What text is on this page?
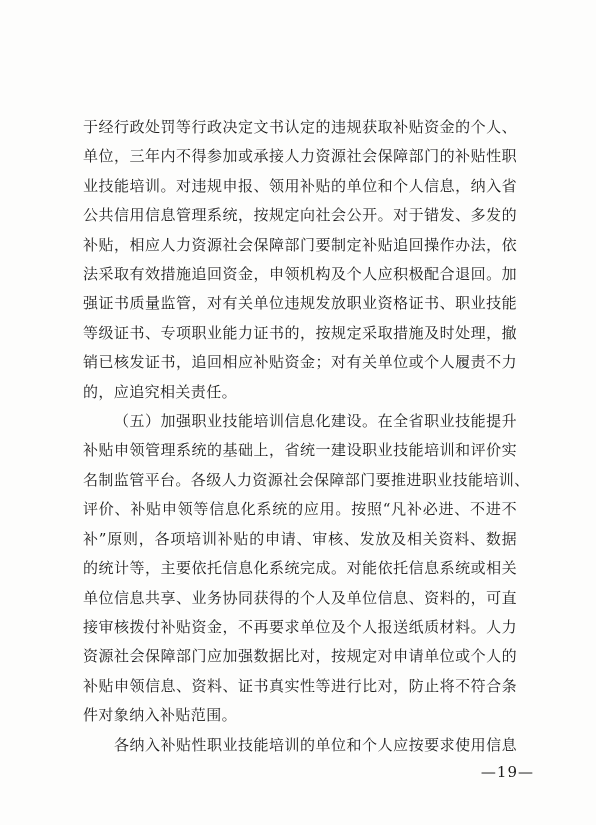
于经行政处罚等行政决定文书认定的违规获取补贴资金的个人、
单位，三年内不得参加或承接人力资源社会保障部门的补贴性职
业技能培训。对违规申报、领用补贴的单位和个人信息，纳入省
公共信用信息管理系统，按规定向社会公开。对于错发、多发的
补贴，相应人力资源社会保障部门要制定补贴追回操作办法，依
法采取有效措施追回资金，申领机构及个人应积极配合退回。加
强证书质量监管，对有关单位违规发放职业资格证书、职业技能
等级证书、专项职业能力证书的，按规定采取措施及时处理，撤
销已核发证书，追回相应补贴资金；对有关单位或个人履责不力
的，应追究相关责任。
（五）加强职业技能培训信息化建设。在全省职业技能提升
补贴申领管理系统的基础上，省统一建设职业技能培训和评价实
名制监管平台。各级人力资源社会保障部门要推进职业技能培训、
评价、补贴申领等信息化系统的应用。按照“凡补必进、不进不
补”原则，各项培训补贴的申请、审核、发放及相关资料、数据
的统计等，主要依托信息化系统完成。对能依托信息系统或相关
单位信息共享、业务协同获得的个人及单位信息、资料的，可直
接审核拨付补贴资金，不再要求单位及个人报送纸质材料。人力
资源社会保障部门应加强数据比对，按规定对申请单位或个人的
补贴申领信息、资料、证书真实性等进行比对，防止将不符合条
件对象纳入补贴范围。
各纳入补贴性职业技能培训的单位和个人应按要求使用信息
—19—
